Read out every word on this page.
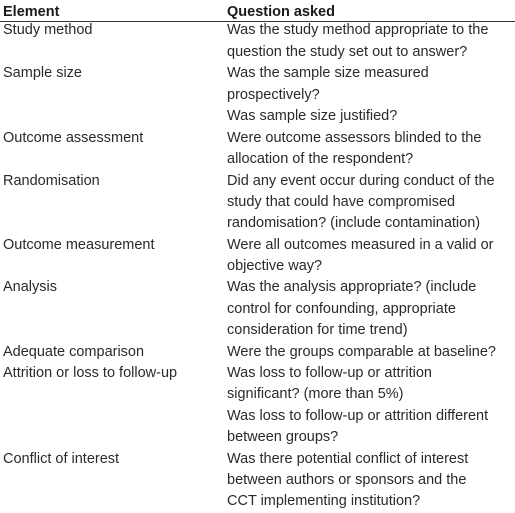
Element	Question asked
Study method	Was the study method appropriate to the
question the study set out to answer?
Sample size	Was the sample size measured
prospectively?
Was sample size justified?
Outcome assessment	Were outcome assessors blinded to the
allocation of the respondent?
Randomisation	Did any event occur during conduct of the
study that could have compromised
randomisation? (include contamination)
Outcome measurement	Were all outcomes measured in a valid or
objective way?
Analysis	Was the analysis appropriate? (include
control for confounding, appropriate
consideration for time trend)
Adequate comparison	Were the groups comparable at baseline?
Attrition or loss to follow-up	Was loss to follow-up or attrition
significant? (more than 5%)
Was loss to follow-up or attrition different
between groups?
Conflict of interest	Was there potential conflict of interest
between authors or sponsors and the
CCT implementing institution?
